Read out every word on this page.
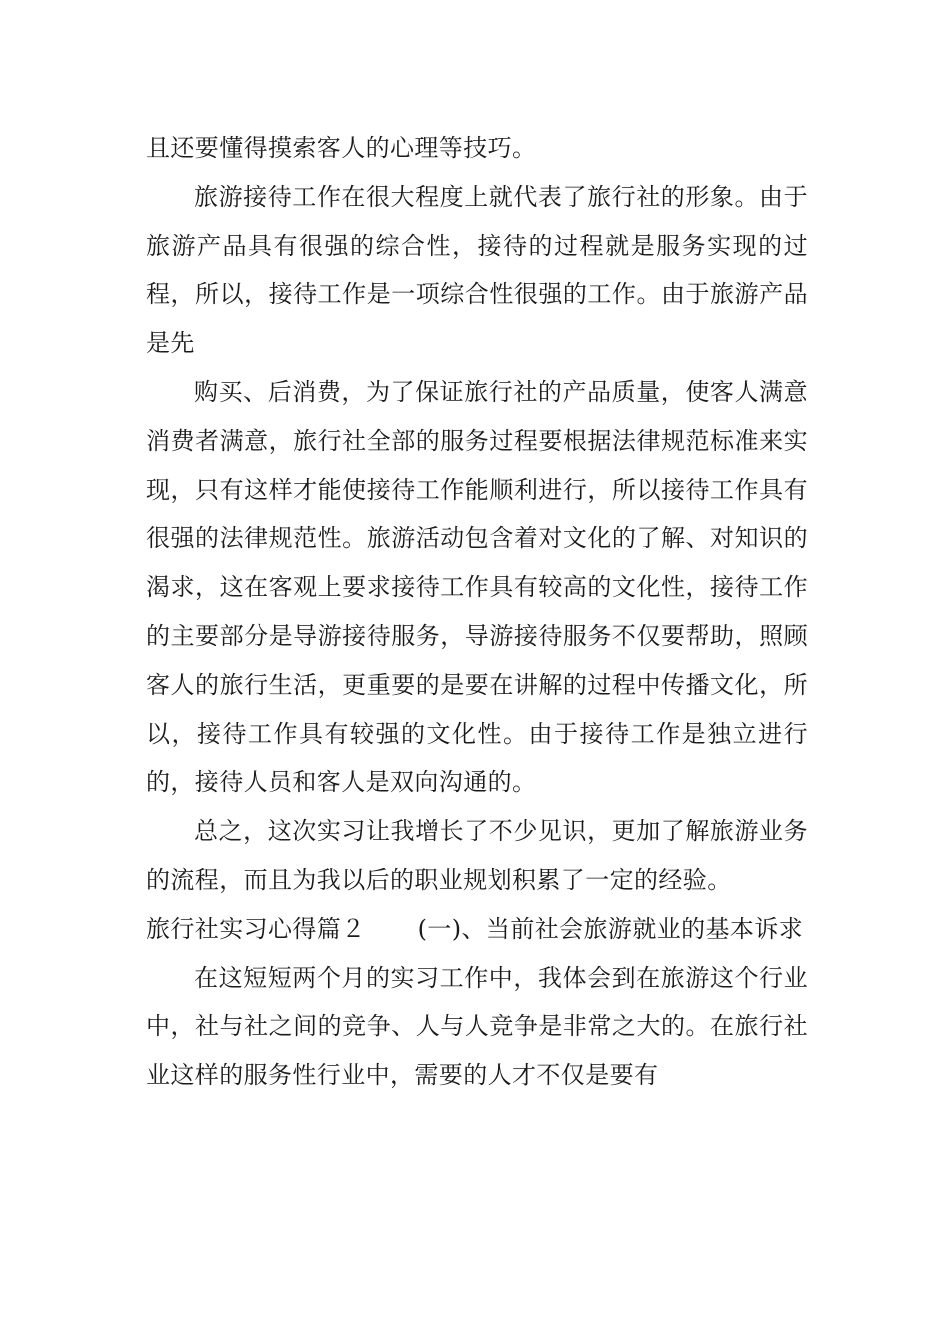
且还要懂得摸索客人的心理等技巧。

旅游接待工作在很大程度上就代表了旅行社的形象。由于旅游产品具有很强的综合性，接待的过程就是服务实现的过程，所以，接待工作是一项综合性很强的工作。由于旅游产品是先

购买、后消费，为了保证旅行社的产品质量，使客人满意消费者满意，旅行社全部的服务过程要根据法律规范标准来实现，只有这样才能使接待工作能顺利进行，所以接待工作具有很强的法律规范性。旅游活动包含着对文化的了解、对知识的渴求，这在客观上要求接待工作具有较高的文化性，接待工作的主要部分是导游接待服务，导游接待服务不仅要帮助，照顾客人的旅行生活，更重要的是要在讲解的过程中传播文化，所以，接待工作具有较强的文化性。由于接待工作是独立进行的，接待人员和客人是双向沟通的。

总之，这次实习让我增长了不少见识，更加了解旅游业务的流程，而且为我以后的职业规划积累了一定的经验。

旅行社实习心得篇２ (一)、当前社会旅游就业的基本诉求

在这短短两个月的实习工作中，我体会到在旅游这个行业中，社与社之间的竞争、人与人竞争是非常之大的。在旅行社业这样的服务性行业中，需要的人才不仅是要有
